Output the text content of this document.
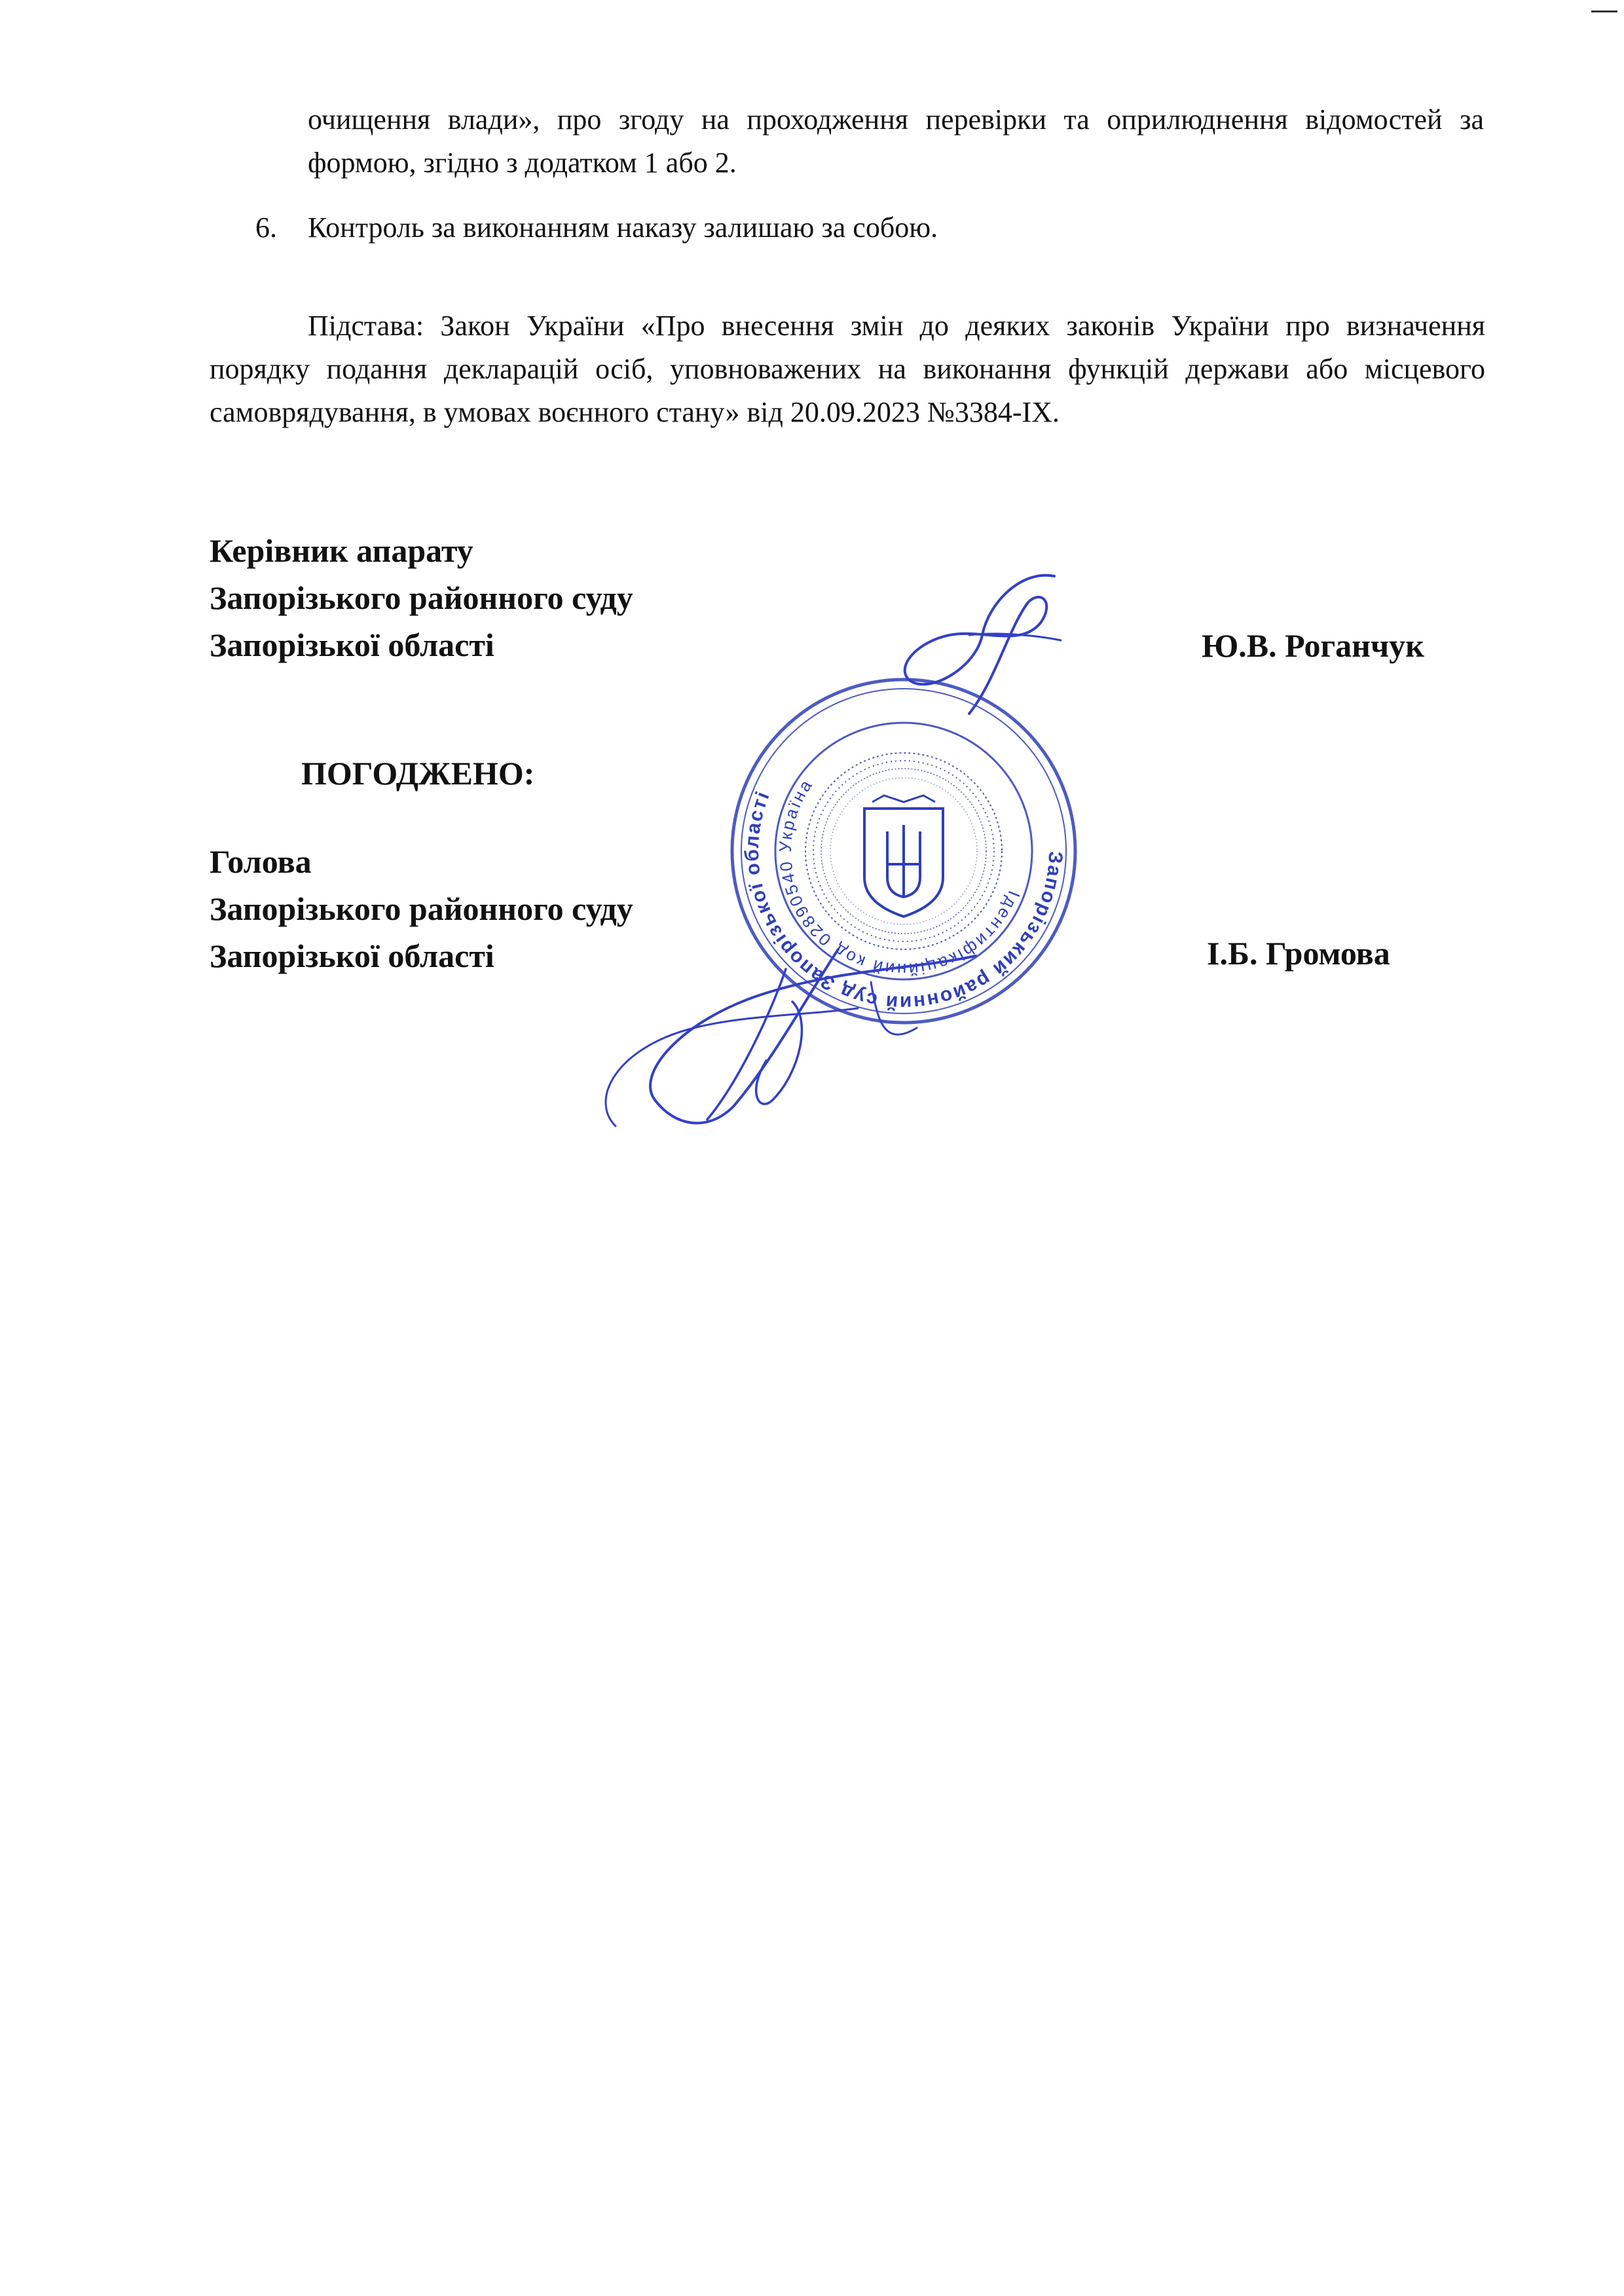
очищення влади», про згоду на проходження перевірки та оприлюднення відомостей за формою, згідно з додатком 1 або 2.

6. Контроль за виконанням наказу залишаю за собою.

Підстава: Закон України «Про внесення змін до деяких законів України про визначення порядку подання декларацій осіб, уповноважених на виконання функцій держави або місцевого самоврядування, в умовах воєнного стану» від 20.09.2023 №3384-IX.

Керівник апарату
Запорізького районного суду
Запорізької області	Ю.В. Роганчук
ПОГОДЖЕНО:
Голова
Запорізького районного суду
Запорізької області	І.Б. Громова
Запорізький районний суд Запорізької області
Ідентифікаційний код 02890540 Україна
